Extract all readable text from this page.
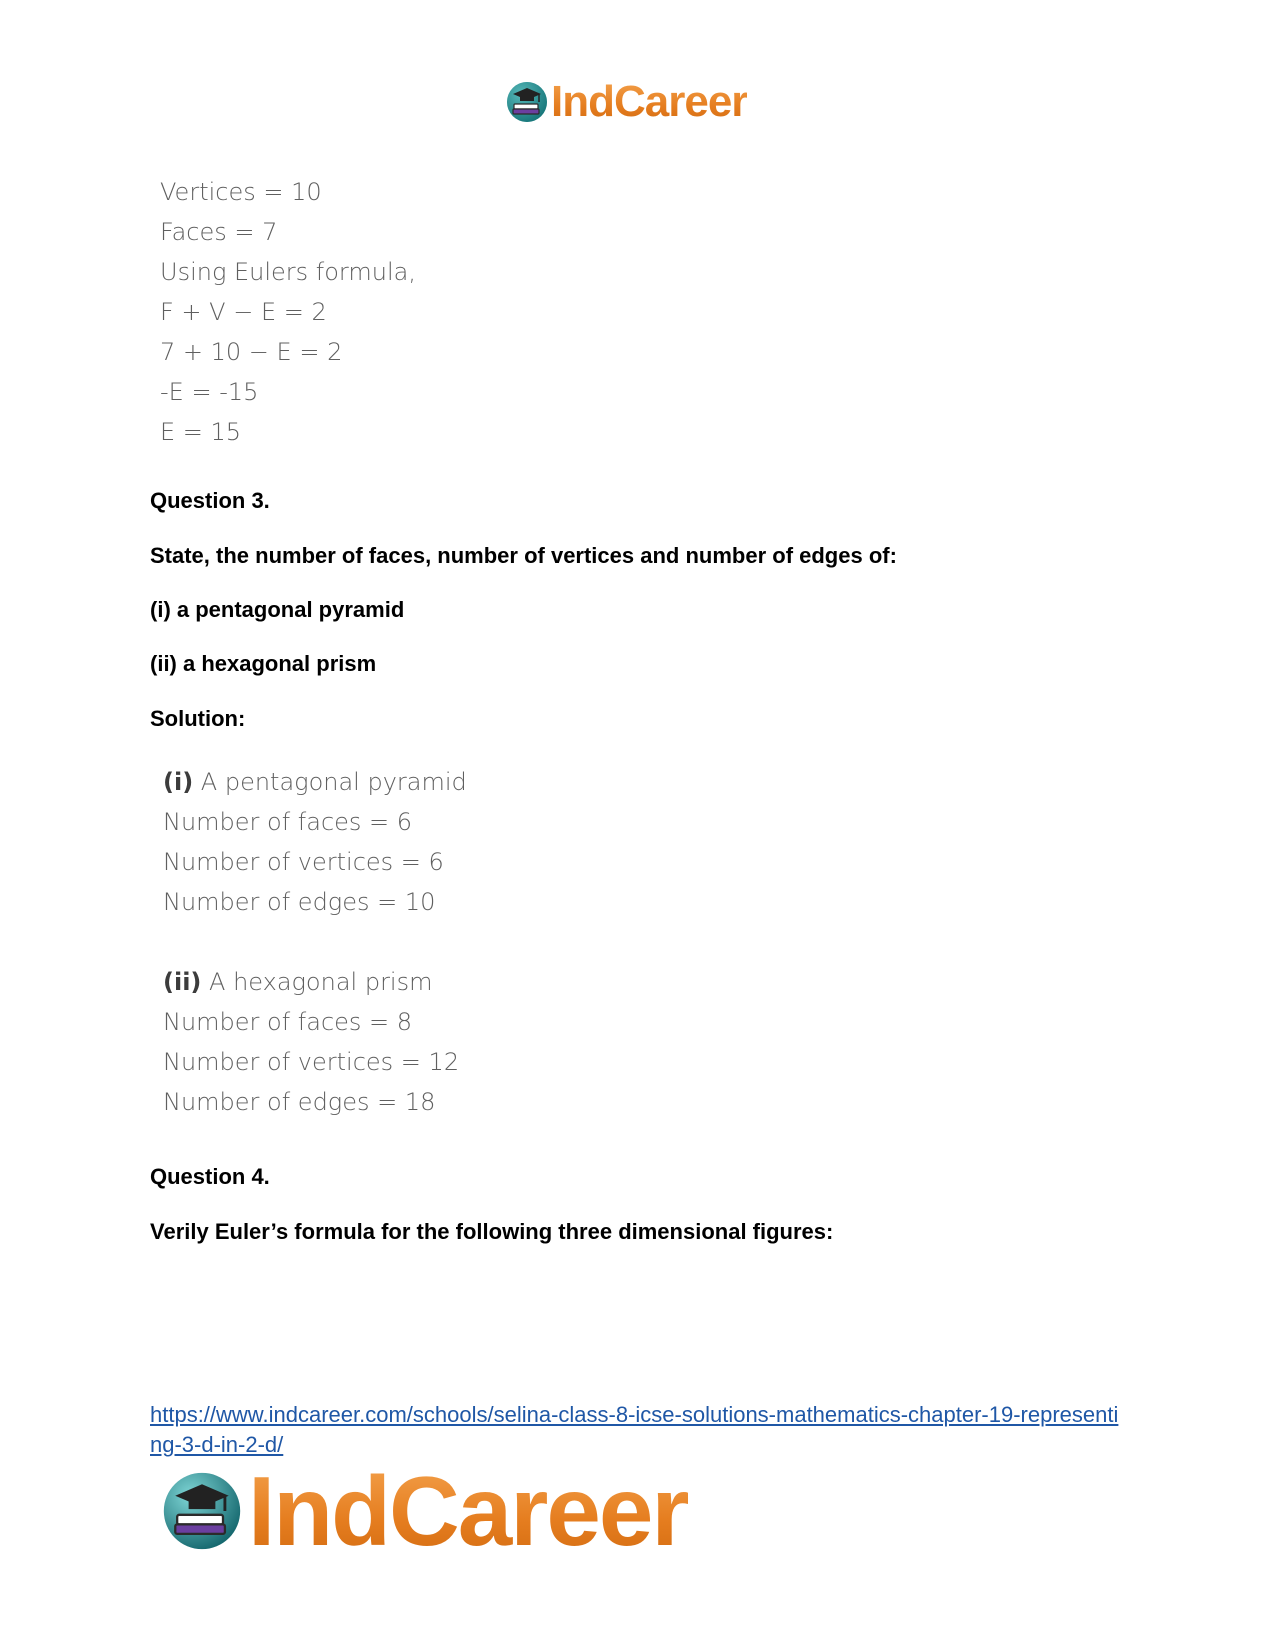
IndCareer
Vertices = 10
Faces = 7
Using Eulers formula,
F + V − E = 2
7 + 10 − E = 2
-E = -15
E = 15
Question 3.
State, the number of faces, number of vertices and number of edges of:
(i) a pentagonal pyramid
(ii) a hexagonal prism
Solution:
(i) A pentagonal pyramid
Number of faces = 6
Number of vertices = 6
Number of edges = 10
(ii) A hexagonal prism
Number of faces = 8
Number of vertices = 12
Number of edges = 18
Question 4.
Verily Euler’s formula for the following three dimensional figures:
https://www.indcareer.com/schools/selina-class-8-icse-solutions-mathematics-chapter-19-representing-3-d-in-2-d/
IndCareer
